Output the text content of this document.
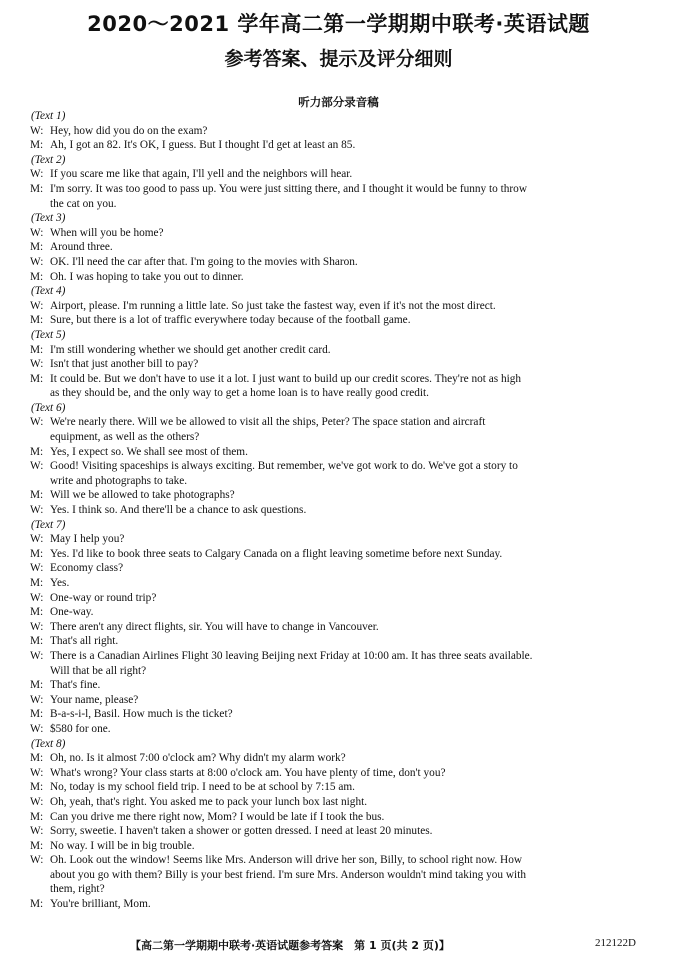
2020～2021 学年高二第一学期期中联考·英语试题
参考答案、提示及评分细则
听力部分录音稿
(Text 1)
W: Hey, how did you do on the exam?
M: Ah, I got an 82. It's OK, I guess. But I thought I'd get at least an 85.
(Text 2)
W: If you scare me like that again, I'll yell and the neighbors will hear.
M: I'm sorry. It was too good to pass up. You were just sitting there, and I thought it would be funny to throw
the cat on you.
(Text 3)
W: When will you be home?
M: Around three.
W: OK. I'll need the car after that. I'm going to the movies with Sharon.
M: Oh. I was hoping to take you out to dinner.
(Text 4)
W: Airport, please. I'm running a little late. So just take the fastest way, even if it's not the most direct.
M: Sure, but there is a lot of traffic everywhere today because of the football game.
(Text 5)
M: I'm still wondering whether we should get another credit card.
W: Isn't that just another bill to pay?
M: It could be. But we don't have to use it a lot. I just want to build up our credit scores. They're not as high
as they should be, and the only way to get a home loan is to have really good credit.
(Text 6)
W: We're nearly there. Will we be allowed to visit all the ships, Peter? The space station and aircraft
equipment, as well as the others?
M: Yes, I expect so. We shall see most of them.
W: Good! Visiting spaceships is always exciting. But remember, we've got work to do. We've got a story to
write and photographs to take.
M: Will we be allowed to take photographs?
W: Yes. I think so. And there'll be a chance to ask questions.
(Text 7)
W: May I help you?
M: Yes. I'd like to book three seats to Calgary Canada on a flight leaving sometime before next Sunday.
W: Economy class?
M: Yes.
W: One-way or round trip?
M: One-way.
W: There aren't any direct flights, sir. You will have to change in Vancouver.
M: That's all right.
W: There is a Canadian Airlines Flight 30 leaving Beijing next Friday at 10:00 am. It has three seats available.
Will that be all right?
M: That's fine.
W: Your name, please?
M: B-a-s-i-l, Basil. How much is the ticket?
W: $580 for one.
(Text 8)
M: Oh, no. Is it almost 7:00 o'clock am? Why didn't my alarm work?
W: What's wrong? Your class starts at 8:00 o'clock am. You have plenty of time, don't you?
M: No, today is my school field trip. I need to be at school by 7:15 am.
W: Oh, yeah, that's right. You asked me to pack your lunch box last night.
M: Can you drive me there right now, Mom? I would be late if I took the bus.
W: Sorry, sweetie. I haven't taken a shower or gotten dressed. I need at least 20 minutes.
M: No way. I will be in big trouble.
W: Oh. Look out the window! Seems like Mrs. Anderson will drive her son, Billy, to school right now. How
about you go with them? Billy is your best friend. I'm sure Mrs. Anderson wouldn't mind taking you with
them, right?
M: You're brilliant, Mom.
【高二第一学期期中联考·英语试题参考答案　第 1 页(共 2 页)】	212122D
